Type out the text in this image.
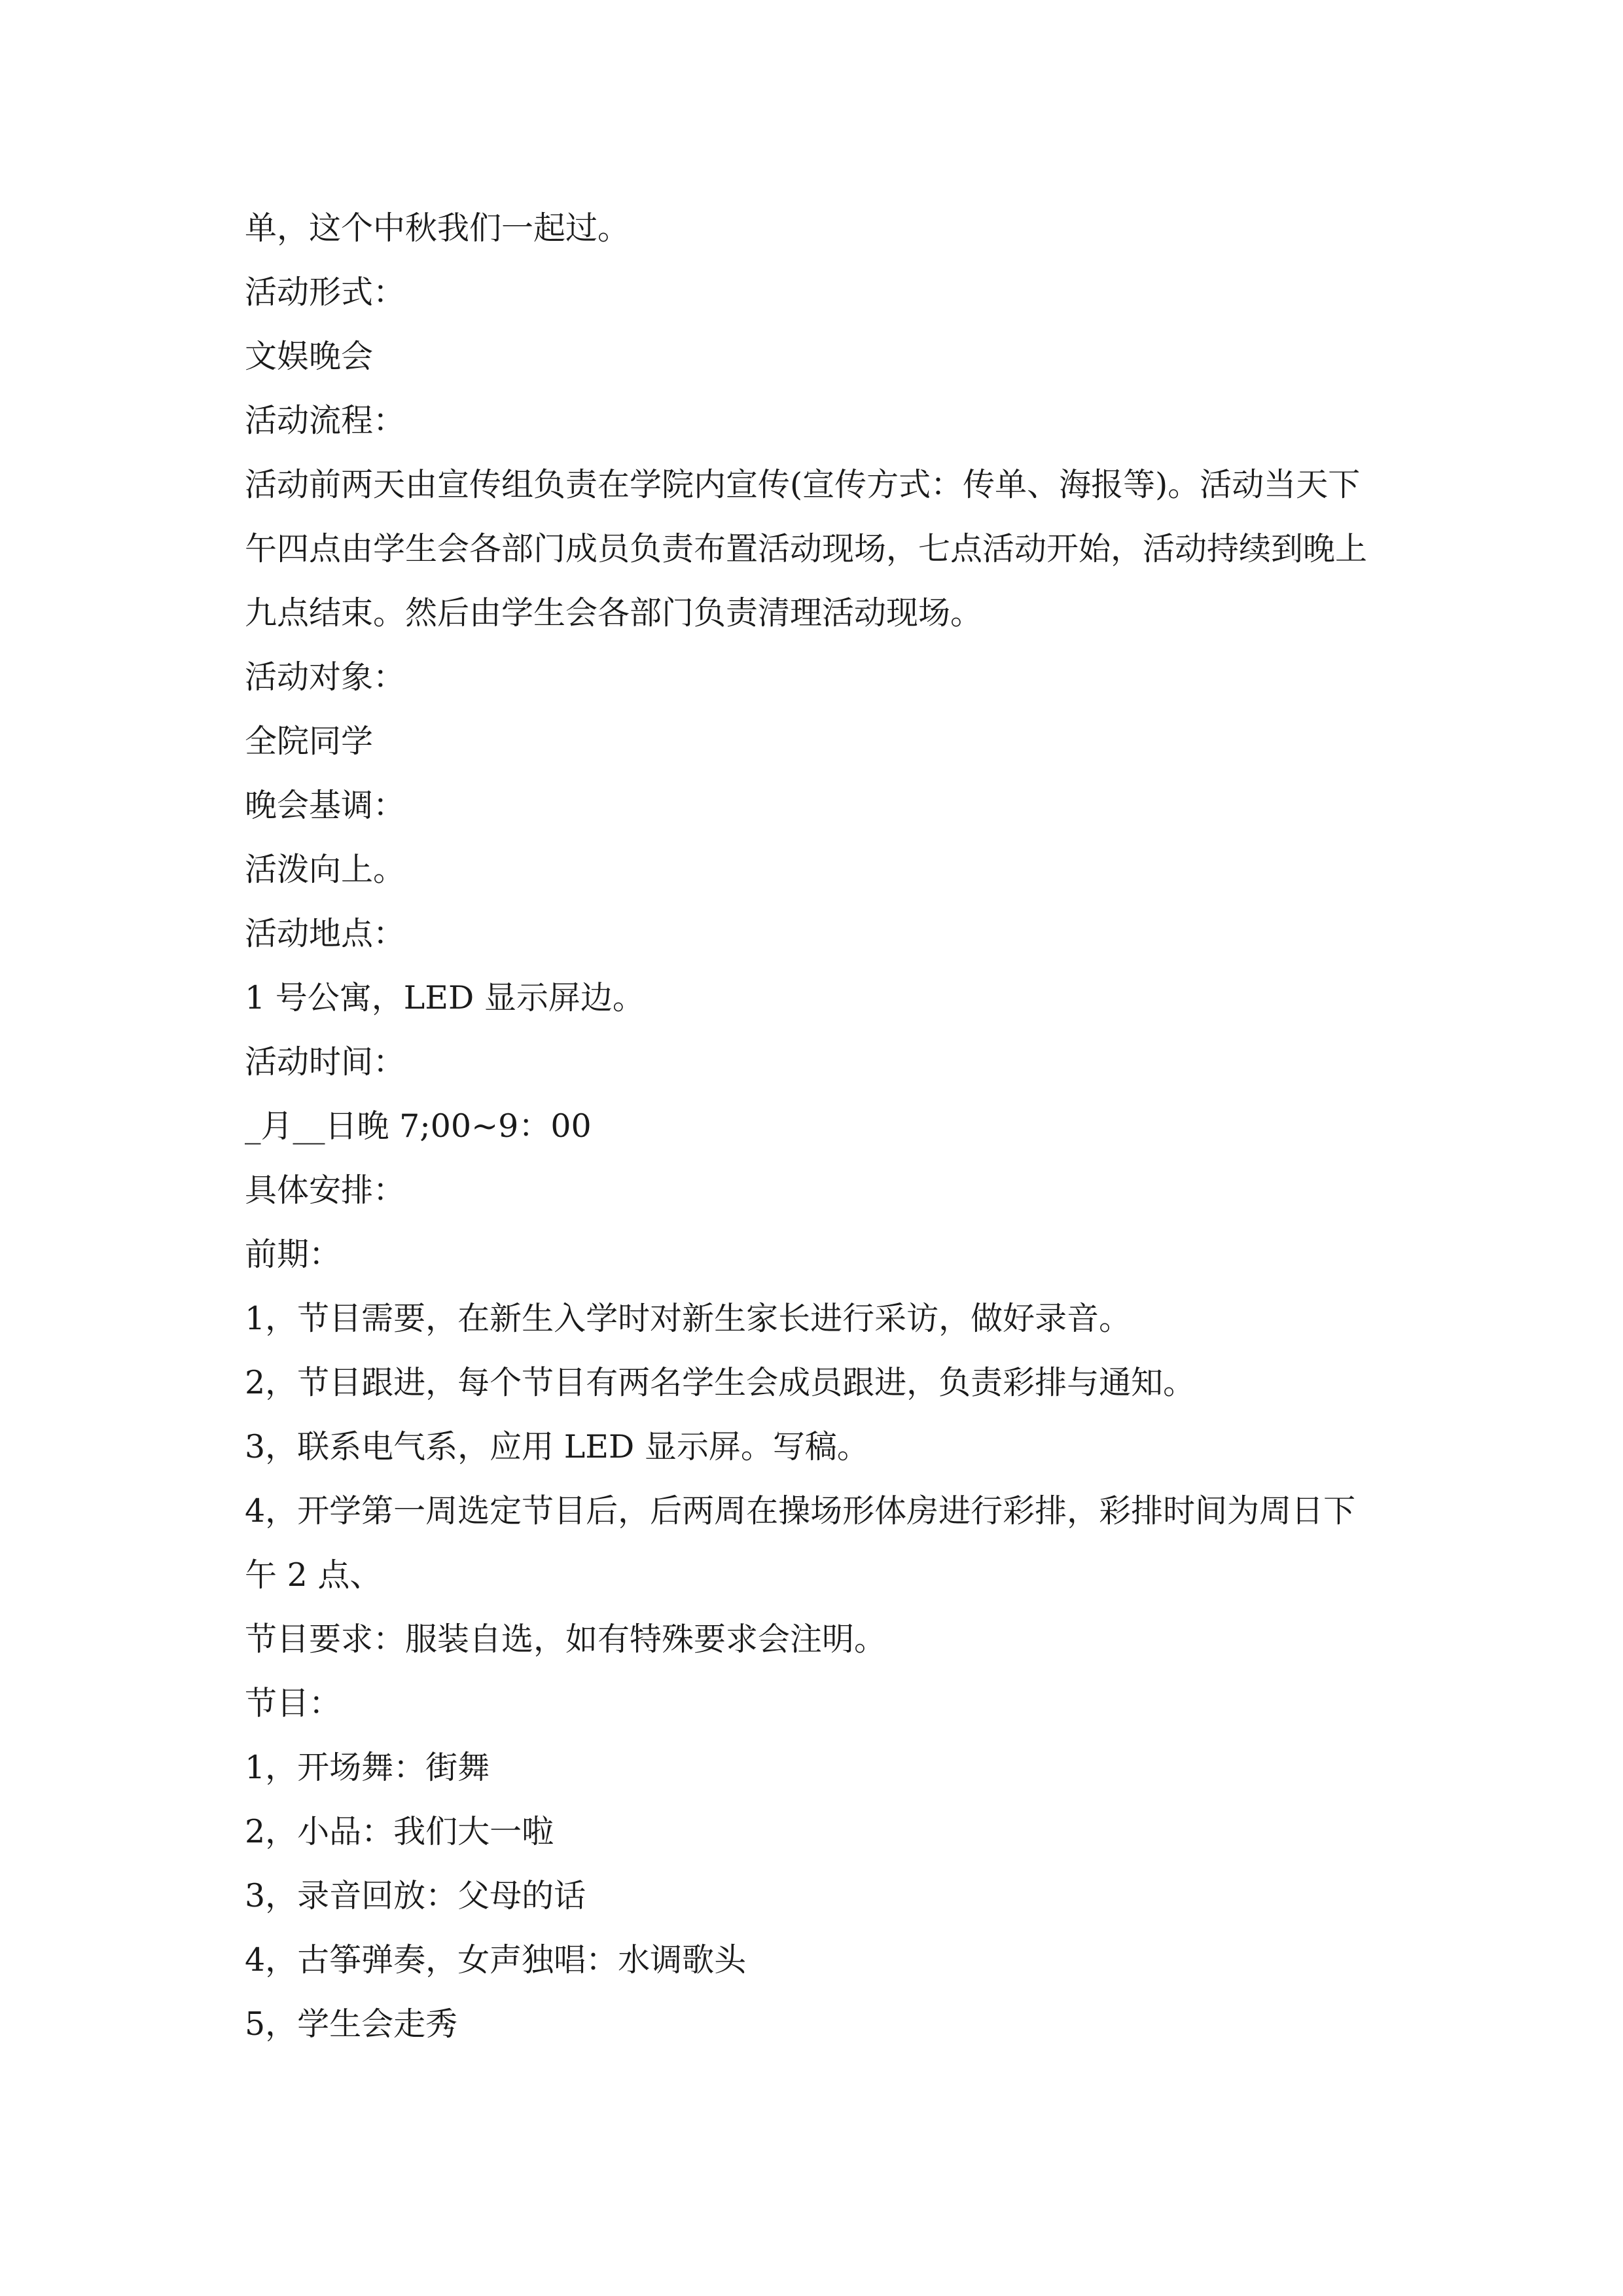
单，这个中秋我们一起过。
活动形式：
文娱晚会
活动流程：
活动前两天由宣传组负责在学院内宣传(宣传方式：传单、海报等)。活动当天下
午四点由学生会各部门成员负责布置活动现场，七点活动开始，活动持续到晚上
九点结束。然后由学生会各部门负责清理活动现场。
活动对象：
全院同学
晚会基调：
活泼向上。
活动地点：
1 号公寓，LED 显示屏边。
活动时间：
_月__日晚 7;00~9：00
具体安排：
前期：
1，节目需要，在新生入学时对新生家长进行采访，做好录音。
2，节目跟进，每个节目有两名学生会成员跟进，负责彩排与通知。
3，联系电气系，应用 LED 显示屏。写稿。
4，开学第一周选定节目后，后两周在操场形体房进行彩排，彩排时间为周日下
午 2 点、
节目要求：服装自选，如有特殊要求会注明。
节目：
1，开场舞：街舞
2，小品：我们大一啦
3，录音回放：父母的话
4，古筝弹奏，女声独唱：水调歌头
5，学生会走秀
